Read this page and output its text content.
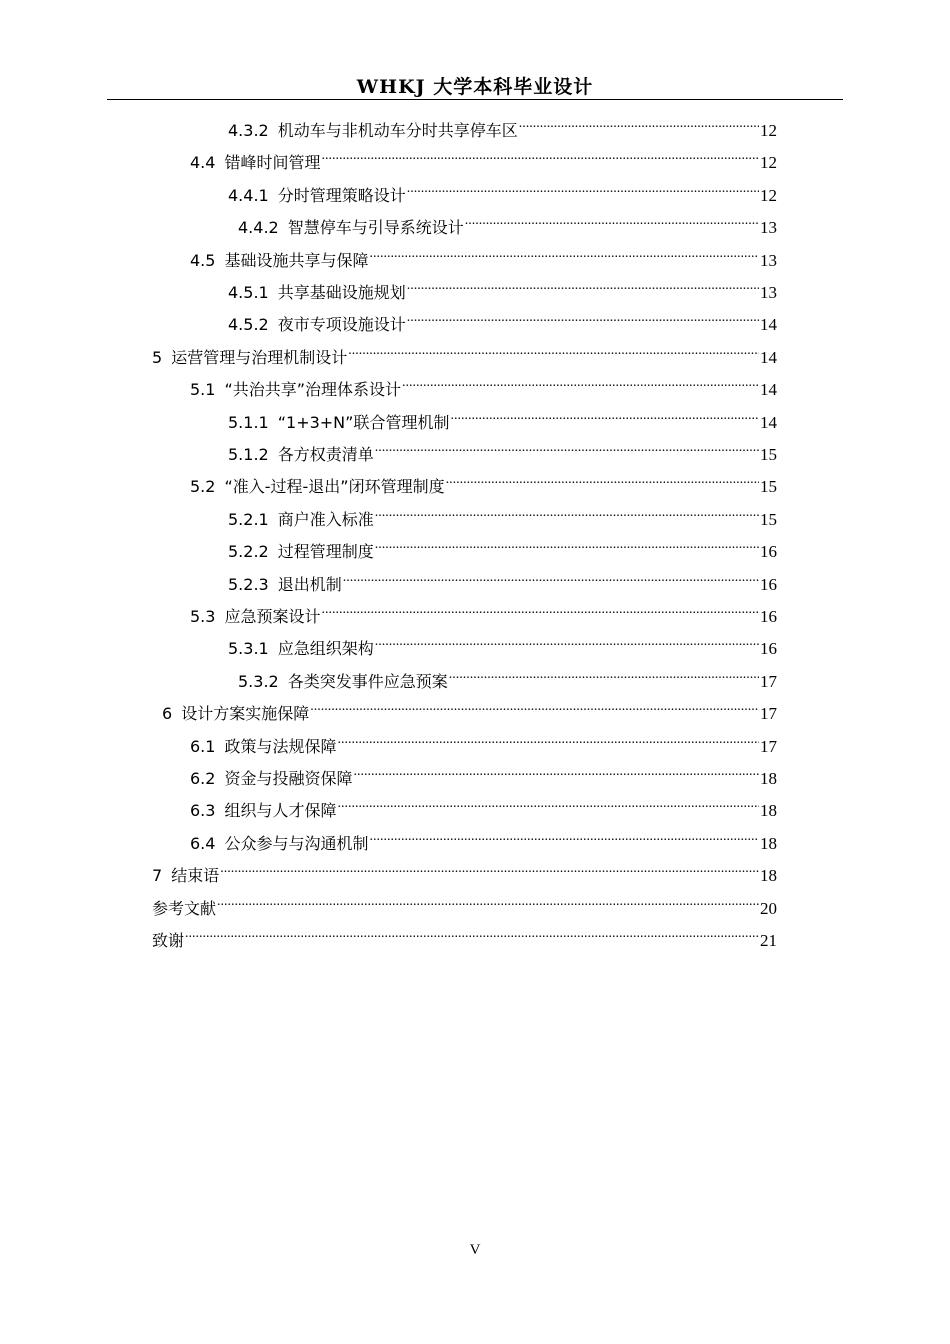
WHKJ 大学本科毕业设计
4.3.2 机动车与非机动车分时共享停车区 .....	12
4.4 错峰时间管理 .....	12
4.4.1 分时管理策略设计 .....	12
4.4.2 智慧停车与引导系统设计 .....	13
4.5 基础设施共享与保障 .....	13
4.5.1 共享基础设施规划 .....	13
4.5.2 夜市专项设施设计 .....	14
5 运营管理与治理机制设计 .....	14
5.1 “共治共享”治理体系设计 .....	14
5.1.1 “1+3+N”联合管理机制 .....	14
5.1.2 各方权责清单 .....	15
5.2 “准入-过程-退出”闭环管理制度 .....	15
5.2.1 商户准入标准 .....	15
5.2.2 过程管理制度 .....	16
5.2.3 退出机制 .....	16
5.3 应急预案设计 .....	16
5.3.1 应急组织架构 .....	16
5.3.2 各类突发事件应急预案 .....	17
6 设计方案实施保障 .....	17
6.1 政策与法规保障 .....	17
6.2 资金与投融资保障 .....	18
6.3 组织与人才保障 .....	18
6.4 公众参与与沟通机制 .....	18
7 结束语 .....	18
参考文献 .....	20
致谢 .....	21
V
